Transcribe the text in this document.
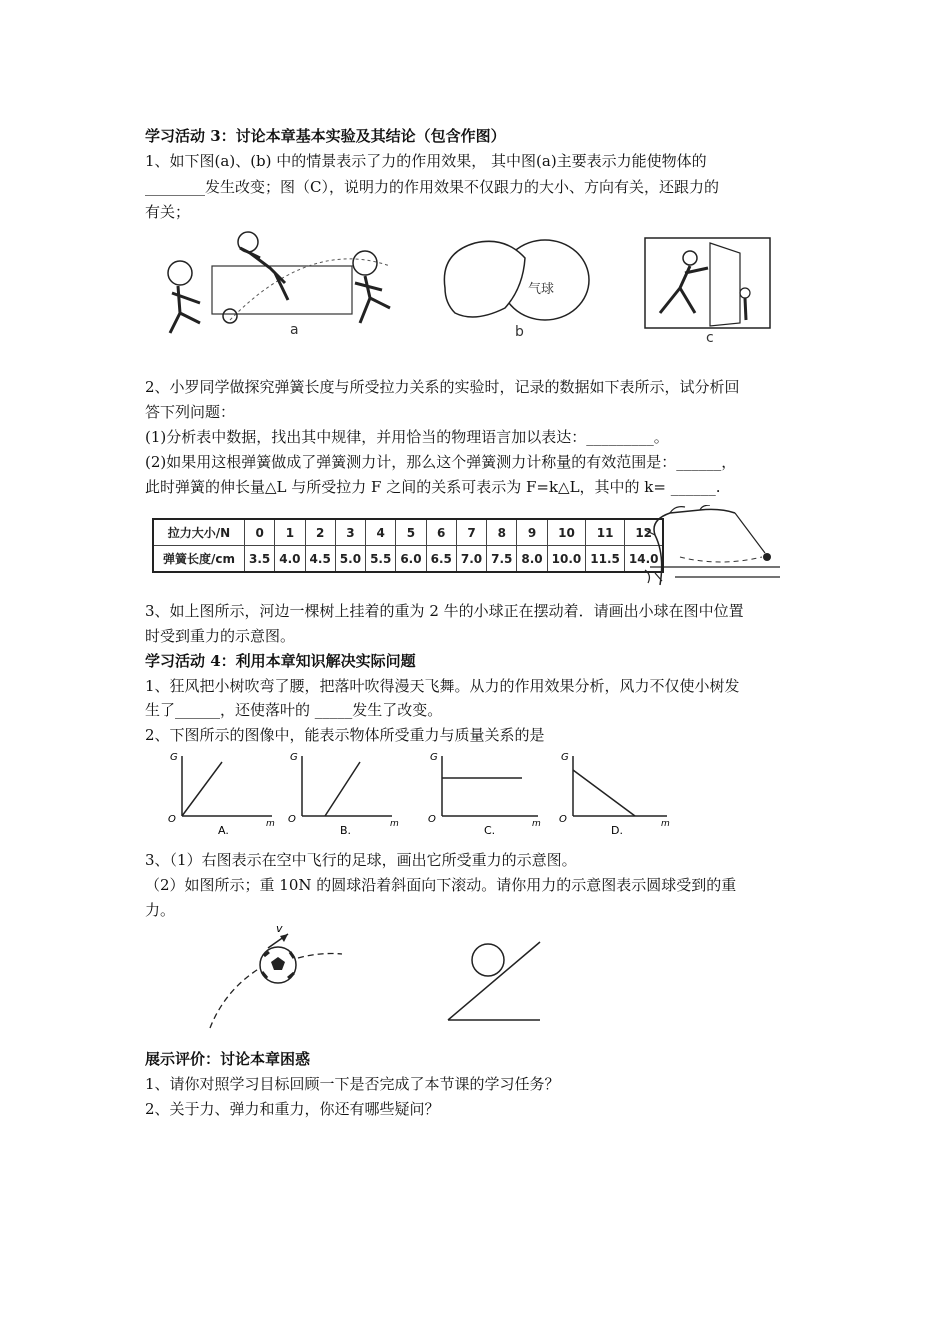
学习活动 3：讨论本章基本实验及其结论（包含作图）
1、如下图(a)、(b) 中的情景表示了力的作用效果， 其中图(a)主要表示力能使物体的
________发生改变；图（C），说明力的作用效果不仅跟力的大小、方向有关，还跟力的
有关；
a
气球
b	c
2、小罗同学做探究弹簧长度与所受拉力关系的实验时，记录的数据如下表所示，试分析回
答下列问题：
(1)分析表中数据，找出其中规律，并用恰当的物理语言加以表达：_________。
(2)如果用这根弹簧做成了弹簧测力计，那么这个弹簧测力计称量的有效范围是：______，
此时弹簧的伸长量△L 与所受拉力 F 之间的关系可表示为 F=k△L，其中的 k= ______.
拉力大小/N	0	1	2	3	4	5	6	7	8	9	10	11	12
弹簧长度/cm	3.5	4.0	4.5	5.0	5.5	6.0	6.5	7.0	7.5	8.0	10.0	11.5	14.0
3、如上图所示，河边一棵树上挂着的重为 2 牛的小球正在摆动着．请画出小球在图中位置
时受到重力的示意图。
学习活动 4：利用本章知识解决实际问题
1、狂风把小树吹弯了腰，把落叶吹得漫天飞舞。从力的作用效果分析，风力不仅使小树发
生了______，还使落叶的 _____发生了改变。
2、下图所示的图像中，能表示物体所受重力与质量关系的是
G
O	m
A.
G
O	m
B.
G
O	m
C.
G
O	m
D.
3、（1）右图表示在空中飞行的足球，画出它所受重力的示意图。
（2）如图所示；重 10N 的圆球沿着斜面向下滚动。请你用力的示意图表示圆球受到的重
力。
v
展示评价：讨论本章困惑
1、请你对照学习目标回顾一下是否完成了本节课的学习任务？
2、关于力、弹力和重力，你还有哪些疑问？
